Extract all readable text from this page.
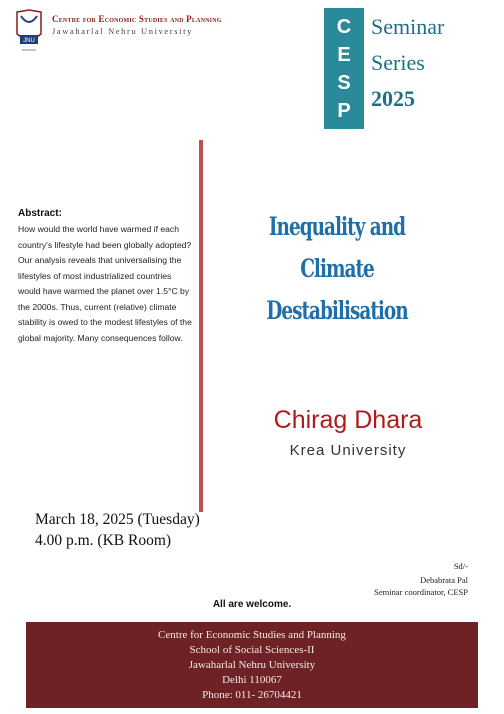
JNU
Centre for Economic Studies and Planning
Jawaharlal Nehru University	C
E
S
P
Seminar
Series
2025
Abstract:
How would the world have warmed if each country's lifestyle had been globally adopted? Our analysis reveals that universalising the lifestyles of most industrialized countries would have warmed the planet over 1.5°C by the 2000s. Thus, current (relative) climate stability is owed to the modest lifestyles of the global majority. Many consequences follow.
Inequality and Climate
Destabilisation
Chirag Dhara
Krea University
March 18, 2025 (Tuesday)
4.00 p.m. (KB Room)
Sd/-
Debabrata Pal
Seminar coordinator, CESP
All are welcome.
Centre for Economic Studies and Planning
School of Social Sciences-II
Jawaharlal Nehru University
Delhi 110067
Phone: 011- 26704421
